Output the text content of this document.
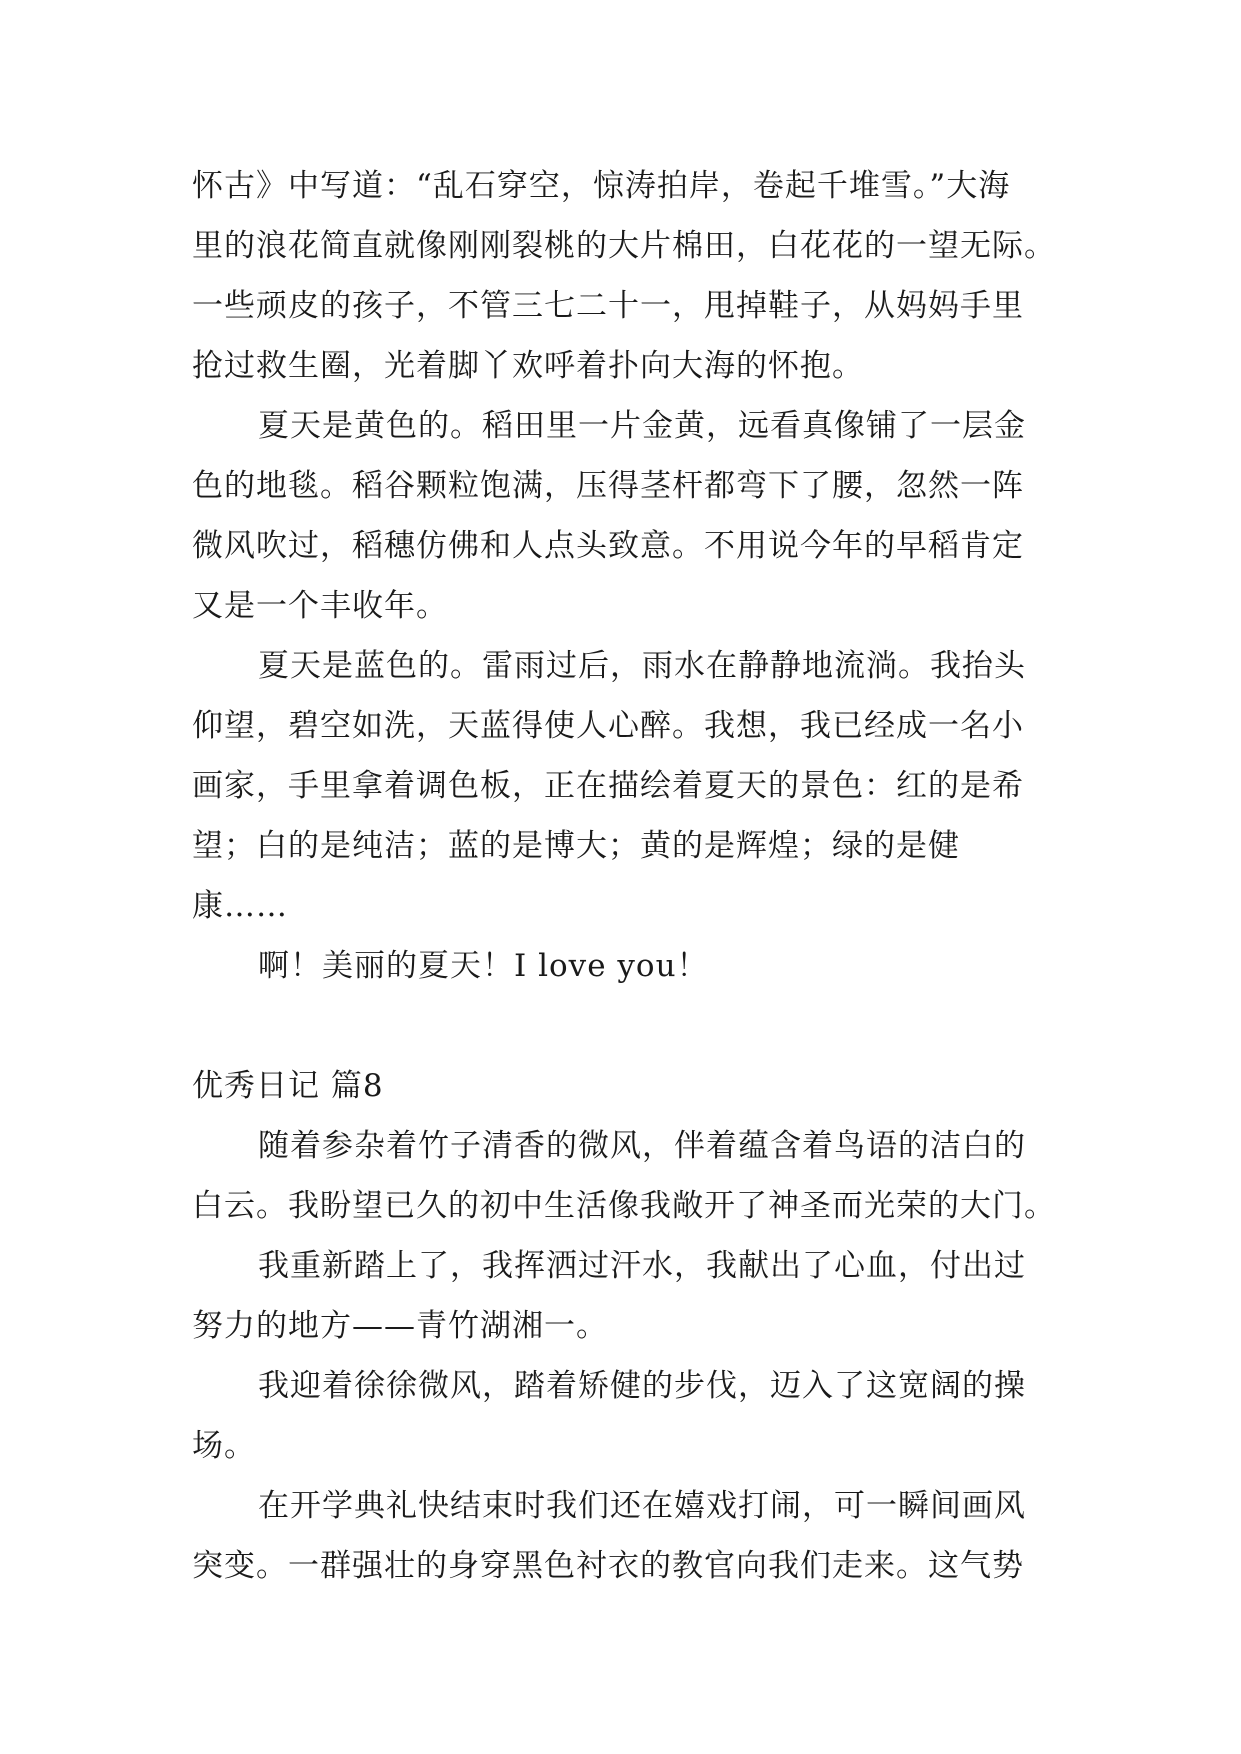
怀古》中写道：“乱石穿空，惊涛拍岸，卷起千堆雪。”大海
里的浪花简直就像刚刚裂桃的大片棉田，白花花的一望无际。
一些顽皮的孩子，不管三七二十一，甩掉鞋子，从妈妈手里
抢过救生圈，光着脚丫欢呼着扑向大海的怀抱。
夏天是黄色的。稻田里一片金黄，远看真像铺了一层金
色的地毯。稻谷颗粒饱满，压得茎杆都弯下了腰，忽然一阵
微风吹过，稻穗仿佛和人点头致意。不用说今年的早稻肯定
又是一个丰收年。
夏天是蓝色的。雷雨过后，雨水在静静地流淌。我抬头
仰望，碧空如洗，天蓝得使人心醉。我想，我已经成一名小
画家，手里拿着调色板，正在描绘着夏天的景色：红的是希
望；白的是纯洁；蓝的是博大；黄的是辉煌；绿的是健
康……
啊！美丽的夏天！I love you！
优秀日记 篇8
随着参杂着竹子清香的微风，伴着蕴含着鸟语的洁白的
白云。我盼望已久的初中生活像我敞开了神圣而光荣的大门。
我重新踏上了，我挥洒过汗水，我献出了心血，付出过
努力的地方——青竹湖湘一。
我迎着徐徐微风，踏着矫健的步伐，迈入了这宽阔的操
场。
在开学典礼快结束时我们还在嬉戏打闹，可一瞬间画风
突变。一群强壮的身穿黑色衬衣的教官向我们走来。这气势
